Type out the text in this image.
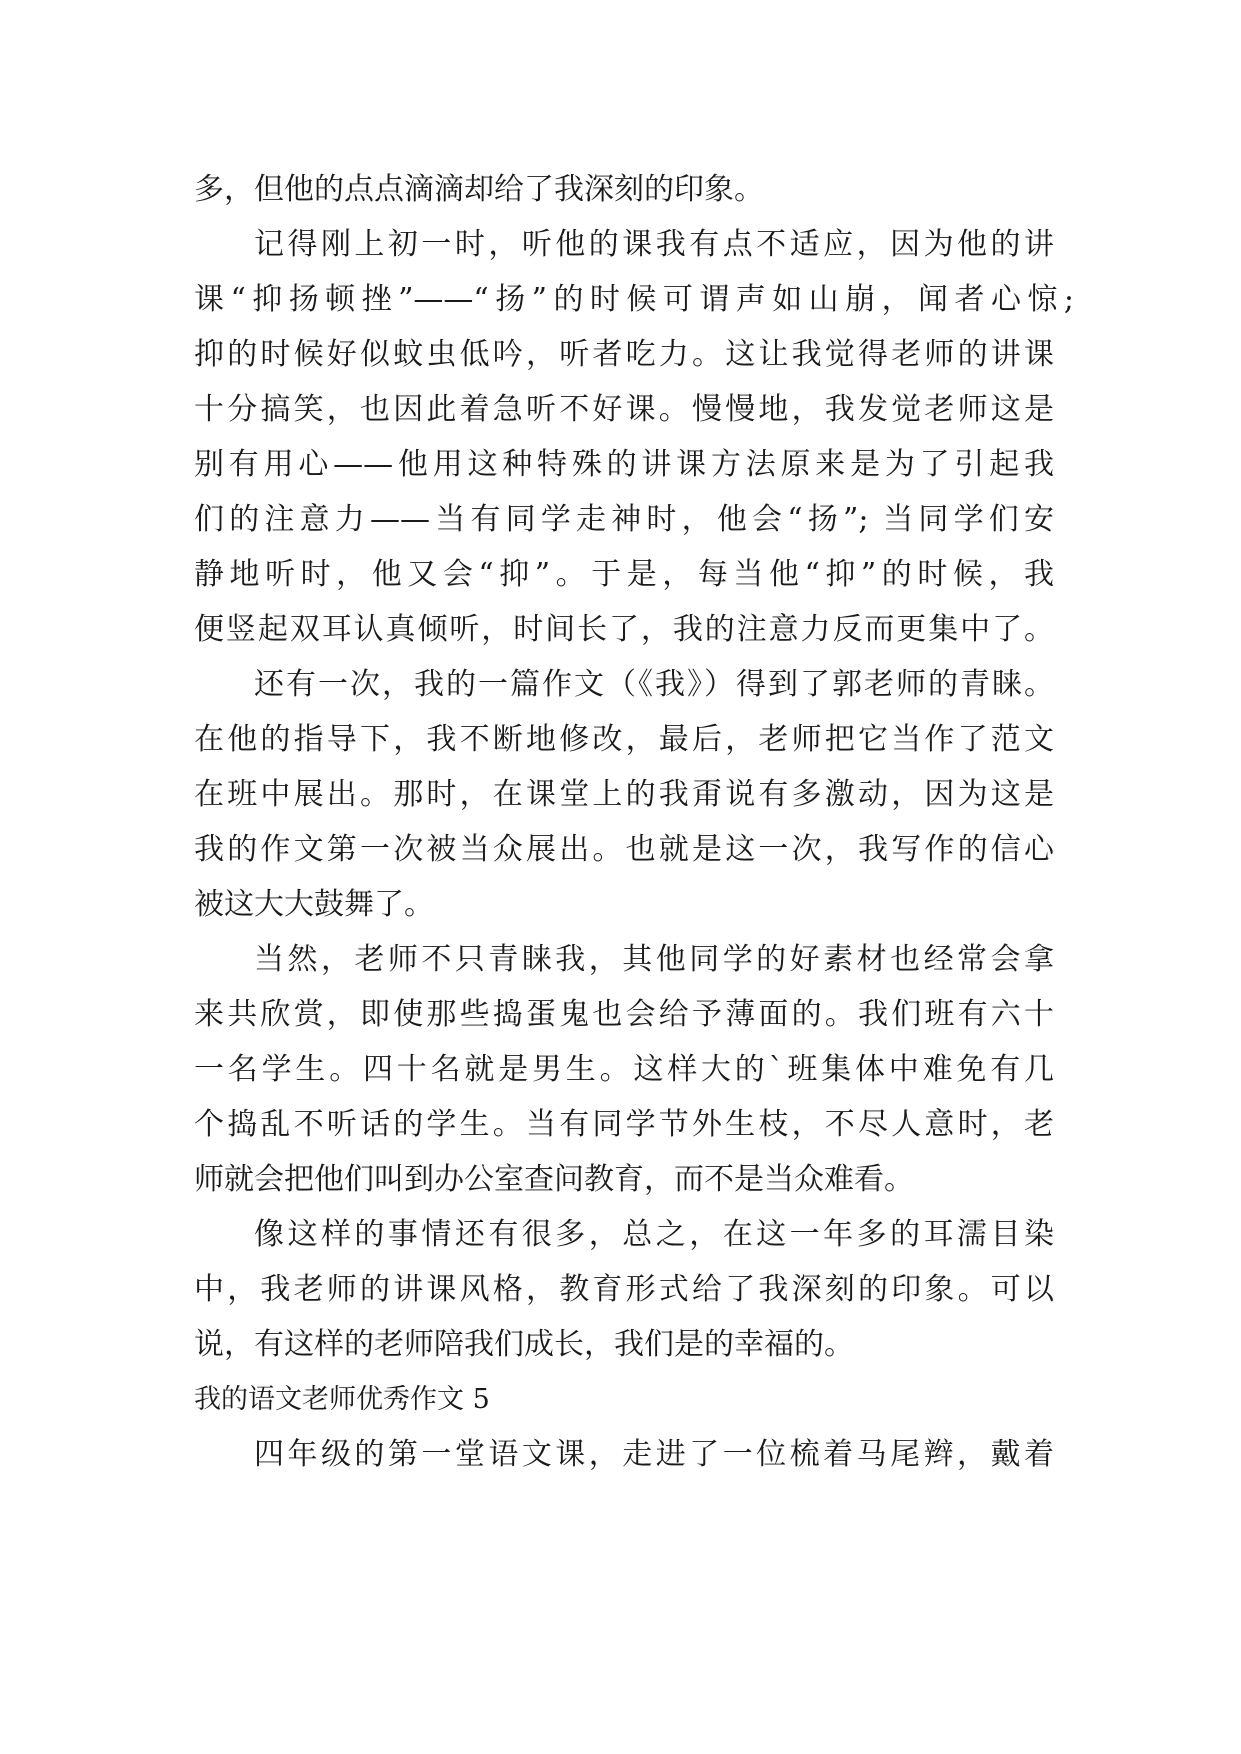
多，但他的点点滴滴却给了我深刻的印象。
记得刚上初一时，听他的课我有点不适应，因为他的讲
课“抑扬顿挫”——“扬”的时候可谓声如山崩，闻者心惊;
抑的时候好似蚊虫低吟，听者吃力。这让我觉得老师的讲课
十分搞笑，也因此着急听不好课。慢慢地，我发觉老师这是
别有用心——他用这种特殊的讲课方法原来是为了引起我
们的注意力——当有同学走神时，他会“扬”; 当同学们安
静地听时，他又会“抑”。于是，每当他“抑”的时候，我
便竖起双耳认真倾听，时间长了，我的注意力反而更集中了。
还有一次，我的一篇作文（《我》）得到了郭老师的青睐。
在他的指导下，我不断地修改，最后，老师把它当作了范文
在班中展出。那时，在课堂上的我甭说有多激动，因为这是
我的作文第一次被当众展出。也就是这一次，我写作的信心
被这大大鼓舞了。
当然，老师不只青睐我，其他同学的好素材也经常会拿
来共欣赏，即使那些捣蛋鬼也会给予薄面的。我们班有六十
一名学生。四十名就是男生。这样大的`班集体中难免有几
个捣乱不听话的学生。当有同学节外生枝，不尽人意时，老
师就会把他们叫到办公室查问教育，而不是当众难看。
像这样的事情还有很多，总之，在这一年多的耳濡目染
中，我老师的讲课风格，教育形式给了我深刻的印象。可以
说，有这样的老师陪我们成长，我们是的幸福的。
我的语文老师优秀作文 5
四年级的第一堂语文课，走进了一位梳着马尾辫，戴着
